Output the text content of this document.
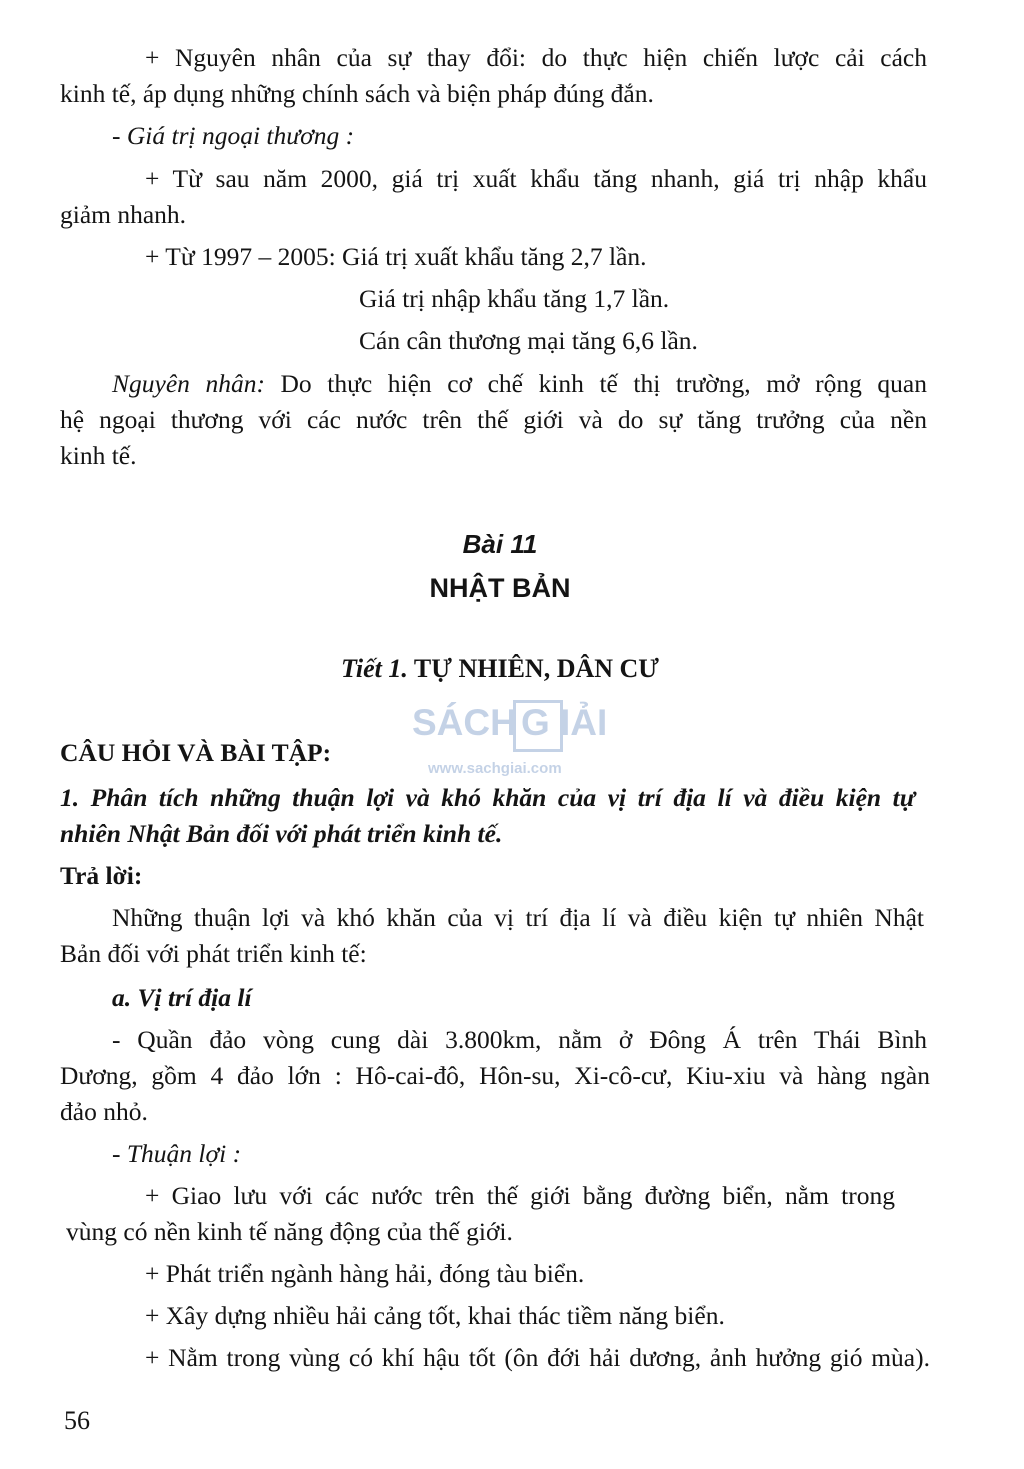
+ Nguyên nhân của sự thay đổi: do thực hiện chiến lược cải cách

kinh tế, áp dụng những chính sách và biện pháp đúng đắn.

- Giá trị ngoại thương :

+ Từ sau năm 2000, giá trị xuất khẩu tăng nhanh, giá trị nhập khẩu

giảm nhanh.

+ Từ 1997 – 2005: Giá trị xuất khẩu tăng 2,7 lần.

Giá trị nhập khẩu tăng 1,7 lần.

Cán cân thương mại tăng 6,6 lần.

Nguyên nhân: Do thực hiện cơ chế kinh tế thị trường, mở rộng quan

hệ ngoại thương với các nước trên thế giới và do sự tăng trưởng của nền

kinh tế.

Bài 11

NHẬT BẢN

Tiết 1. TỰ NHIÊN, DÂN CƯ

SÁCH G IẢI
www.sachgiai.com

CÂU HỎI VÀ BÀI TẬP:

1. Phân tích những thuận lợi và khó khăn của vị trí địa lí và điều kiện tự

nhiên Nhật Bản đối với phát triển kinh tế.

Trả lời:

Những thuận lợi và khó khăn của vị trí địa lí và điều kiện tự nhiên Nhật

Bản đối với phát triển kinh tế:

a. Vị trí địa lí

- Quần đảo vòng cung dài 3.800km, nằm ở Đông Á trên Thái Bình

Dương, gồm 4 đảo lớn : Hô-cai-đô, Hôn-su, Xi-cô-cư, Kiu-xiu và hàng ngàn

đảo nhỏ.

- Thuận lợi :

+ Giao lưu với các nước trên thế giới bằng đường biển, nằm trong

vùng có nền kinh tế năng động của thế giới.

+ Phát triển ngành hàng hải, đóng tàu biển.

+ Xây dựng nhiều hải cảng tốt, khai thác tiềm năng biển.

+ Nằm trong vùng có khí hậu tốt (ôn đới hải dương, ảnh hưởng gió mùa).

56
